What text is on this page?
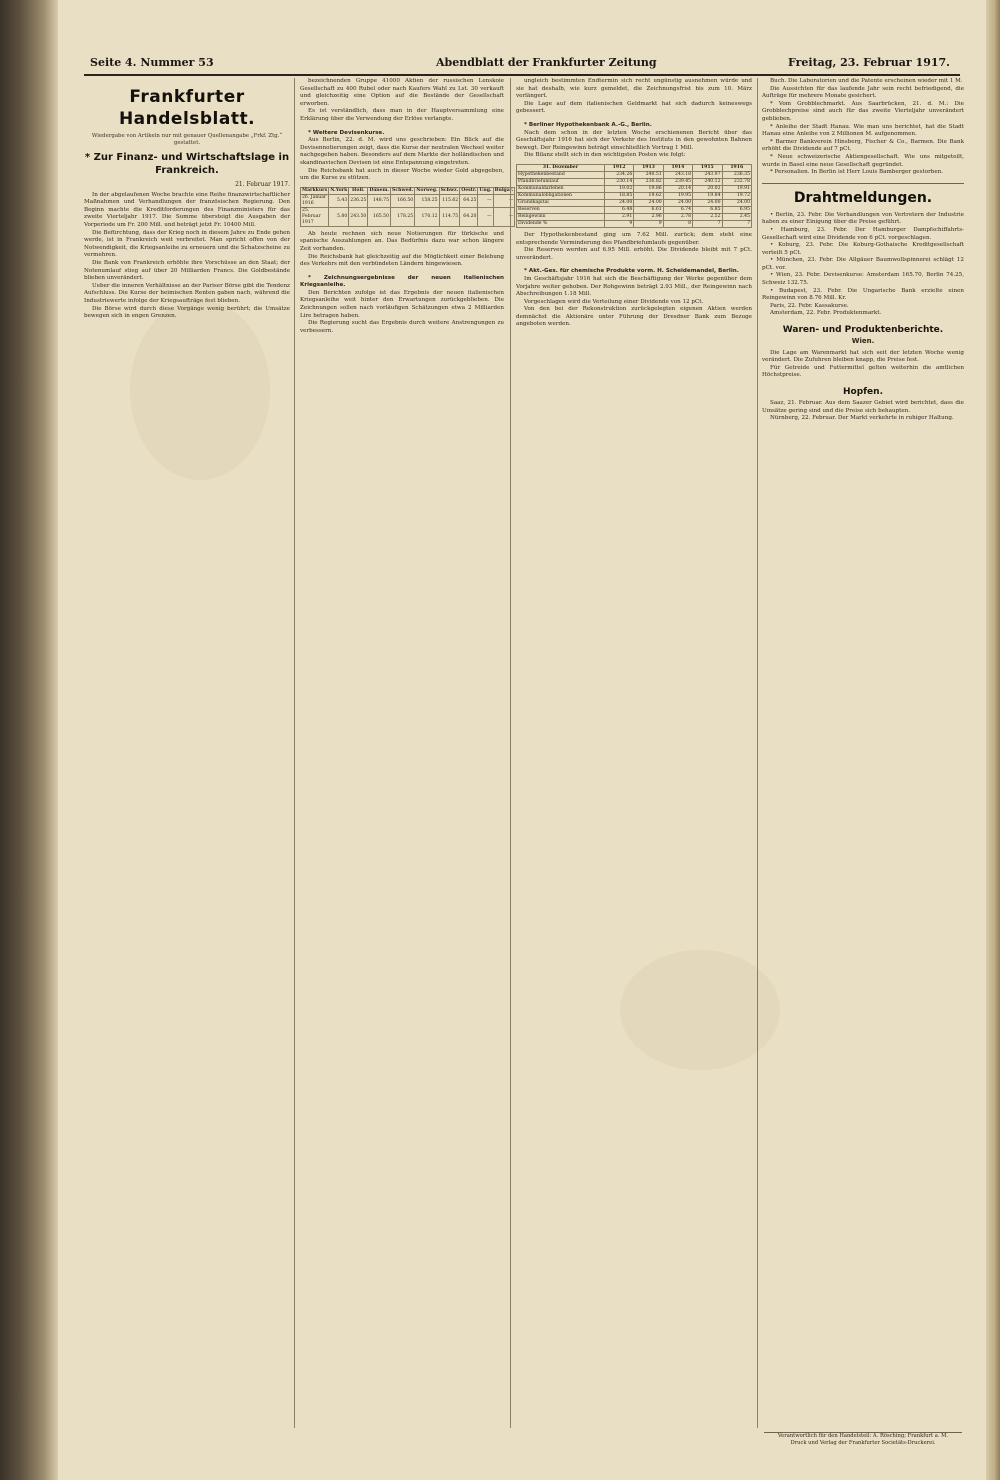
Seite 4. Nummer 53	Abendblatt der Frankfurter Zeitung	Freitag, 23. Februar 1917.
Frankfurter Handelsblatt.
Wiedergabe von Artikeln nur mit genauer Quellenangabe „Frkf. Ztg.“ gestattet.
* Zur Finanz- und Wirtschaftslage in Frankreich.
21. Februar 1917.

In der abgelaufenen Woche brachte eine Reihe finanzwirtschaftlicher Maßnahmen und Verhandlungen der französischen Regierung. Den Beginn machte die Kreditforderungen des Finanzministers für das zweite Vierteljahr 1917. Die Summe übersteigt die Ausgaben der Vorperiode um Fr. 200 Mill. und beträgt jetzt Fr. 10400 Mill.

Die Befürchtung, dass der Krieg noch in diesem Jahre zu Ende gehen werde, ist in Frankreich weit verbreitet. Man spricht offen von der Notwendigkeit, die Kriegsanleihe zu erneuern und die Schatzscheine zu vermehren.

Die Bank von Frankreich erhöhte ihre Vorschüsse an den Staat; der Notenumlauf stieg auf über 20 Milliarden Francs. Die Goldbestände blieben unverändert.

Ueber die inneren Verhältnisse an der Pariser Börse gibt die Tendenz Aufschluss. Die Kurse der heimischen Renten gaben nach, während die Industriewerte infolge der Kriegsaufträge fest blieben.

Die Börse wird durch diese Vorgänge wenig berührt; die Umsätze bewegen sich in engen Grenzen.

bezeichnenden Gruppe 41000 Aktien der russischen Lenskoie Gesellschaft zu 400 Rubel oder nach Kaufers Wahl zu Lst. 30 verkauft und gleichzeitig eine Option auf die Bestände der Gesellschaft erworben.

Es ist verständlich, dass man in der Hauptversammlung eine Erklärung über die Verwendung der Erlöse verlangte.

* Weitere Devisenkurse.

Aus Berlin, 22. d. M. wird uns geschrieben: Ein Blick auf die Devisennotierungen zeigt, dass die Kurse der neutralen Wechsel weiter nachgegeben haben. Besonders auf dem Markte der holländischen und skandinavischen Devisen ist eine Entspannung eingetreten.

Die Reichsbank hat auch in dieser Woche wieder Gold abgegeben, um die Kurse zu stützen.

Markkurs	N.York	Holl.	Dänem.	Schwed.	Norweg.	Schwz.	Oestr.	Ung.	Bulgar.
26. Januar 1916	5.43	236.25	148.75	166.50	158.25	115.62	64.25	—	—
25. Februar 1917	5.80	243.50	165.50	178.25	170.12	114.75	64.20	—	—

Ab heute rechnen sich neue Notierungen für türkische und spanische Auszahlungen an. Das Bedürfnis dazu war schon längere Zeit vorhanden.

Die Reichsbank hat gleichzeitig auf die Möglichkeit einer Belebung des Verkehrs mit den verbündeten Ländern hingewiesen.

* Zeichnungsergebnisse der neuen italienischen Kriegsanleihe.

Den Berichten zufolge ist das Ergebnis der neuen italienischen Kriegsanleihe weit hinter den Erwartungen zurückgeblieben. Die Zeichnungen sollen nach vorläufigen Schätzungen etwa 2 Milliarden Lire betragen haben.

Die Regierung sucht das Ergebnis durch weitere Anstrengungen zu verbessern.

ungleich bestimmten Endtermin sich recht ungünstig ausnehmen würde und sie hat deshalb, wie kurz gemeldet, die Zeichnungsfrist bis zum 10. März verlängert.

Die Lage auf dem italienischen Geldmarkt hat sich dadurch keineswegs gebessert.

* Berliner Hypothekenbank A.-G., Berlin.

Nach dem schon in der letzten Woche erschienenen Bericht über das Geschäftsjahr 1916 hat sich der Verkehr des Instituts in den gewohnten Bahnen bewegt. Der Reingewinn beträgt einschließlich Vortrag 1 Mill.

Die Bilanz stellt sich in den wichtigsten Posten wie folgt:

31. Dezember	1912	1913	1914	1915	1916
Hypothekenbestand	234.26	240.51	243.18	243.97	236.35
Pfandbriefumlauf	230.14	236.82	239.45	240.12	232.78
Kommunaldarlehen	19.02	19.86	20.14	20.02	19.91
Kommunalobligationen	18.85	19.62	19.95	19.84	19.72
Grundkapital	24.00	24.00	24.00	24.00	24.00
Reserven	6.48	6.61	6.74	6.85	6.95
Reingewinn	2.91	2.96	2.78	2.52	2.45
Dividende %	9	9	8	7	7

Der Hypothekenbestand ging um 7.62 Mill. zurück; dem steht eine entsprechende Verminderung des Pfandbriefumlaufs gegenüber.

Die Reserven werden auf 6.95 Mill. erhöht. Die Dividende bleibt mit 7 pCt. unverändert.

* Akt.-Ges. für chemische Produkte vorm. H. Scheidemandel, Berlin.

Im Geschäftsjahr 1916 hat sich die Beschäftigung der Werke gegenüber dem Vorjahre weiter gehoben. Der Rohgewinn beträgt 2.93 Mill., der Reingewinn nach Abschreibungen 1.18 Mill.

Vorgeschlagen wird die Verteilung einer Dividende von 12 pCt.

Von den bei der Rekonstruktion zurückgelegten eigenen Aktien werden demnächst die Aktionäre unter Führung der Dresdner Bank zum Bezuge angeboten werden.

Buch. Die Laboratorien und die Patente erscheinen wieder mit 1 M.

Die Aussichten für das laufende Jahr sein recht befriedigend, die Aufträge für mehrere Monate gesichert.

* Vom Grobblechmarkt. Aus Saarbrücken, 21. d. M.: Die Grobblechpreise sind auch für das zweite Vierteljahr unverändert geblieben.

* Anleihe der Stadt Hanau. Wie man uns berichtet, hat die Stadt Hanau eine Anleihe von 2 Millionen M. aufgenommen.

* Barmer Bankverein Hinsberg, Fischer & Co., Barmen. Die Bank erhöht die Dividende auf 7 pCt.

* Neue schweizerische Aktiengesellschaft. Wie uns mitgeteilt, wurde in Basel eine neue Gesellschaft gegründet.

* Personalien. In Berlin ist Herr Louis Bamberger gestorben.

Drahtmeldungen.

• Berlin, 23. Febr. Die Verhandlungen von Vertretern der Industrie haben zu einer Einigung über die Preise geführt.

• Hamburg, 23. Febr. Der Hamburger Dampfschiffahrts-Gesellschaft wird eine Dividende von 6 pCt. vorgeschlagen.

• Koburg, 23. Febr. Die Koburg-Gothaische Kreditgesellschaft verteilt 5 pCt.

• München, 23. Febr. Die Allgäuer Baumwollspinnerei schlägt 12 pCt. vor.

• Wien, 23. Febr. Devisenkurse: Amsterdam 165.70, Berlin 74.25, Schweiz 132.75.

• Budapest, 23. Febr. Die Ungarische Bank erzielte einen Reingewinn von 8.76 Mill. Kr.

Paris, 22. Febr. Kassakurse.

Amsterdam, 22. Febr. Produktenmarkt.

Waren- und Produktenberichte.
Wien.

Die Lage am Warenmarkt hat sich seit der letzten Woche wenig verändert. Die Zufuhren bleiben knapp, die Preise fest.

Für Getreide und Futtermittel gelten weiterhin die amtlichen Höchstpreise.

Hopfen.

Saaz, 21. Februar. Aus dem Saazer Gebiet wird berichtet, dass die Umsätze gering sind und die Preise sich behaupten.

Nürnberg, 22. Februar. Der Markt verkehrte in ruhiger Haltung.

Verantwortlich für den Handelsteil: A. Rösching; Frankfurt a. M.
Druck und Verlag der Frankfurter Societäts-Druckerei.
